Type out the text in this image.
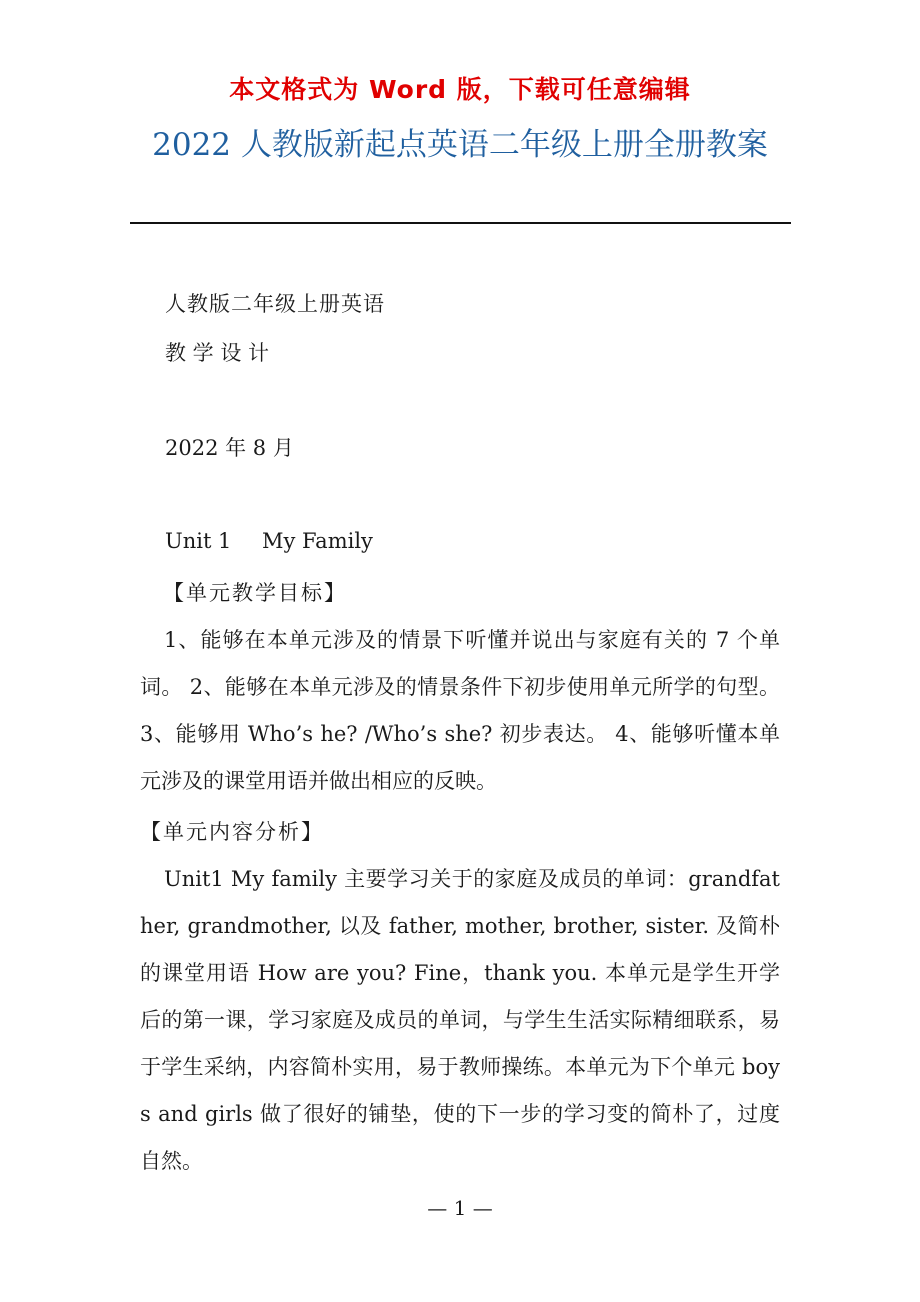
本文格式为 Word 版，下载可任意编辑
2022 人教版新起点英语二年级上册全册教案
人教版二年级上册英语
教 学 设 计
2022 年 8 月
Unit 1 My Family
【单元教学目标】
1、能够在本单元涉及的情景下听懂并说出与家庭有关的 7 个单词。 2、能够在本单元涉及的情景条件下初步使用单元所学的句型。 3、能够用 Who’s he? /Who’s she? 初步表达。 4、能够听懂本单元涉及的课堂用语并做出相应的反映。
【单元内容分析】
Unit1 My family 主要学习关于的家庭及成员的单词：grandfather, grandmother, 以及 father, mother, brother, sister. 及简朴的课堂用语 How are you? Fine，thank you. 本单元是学生开学后的第一课，学习家庭及成员的单词，与学生生活实际精细联系，易于学生采纳，内容简朴实用，易于教师操练。本单元为下个单元 boys and girls 做了很好的铺垫，使的下一步的学习变的简朴了，过度自然。
— 1 —
